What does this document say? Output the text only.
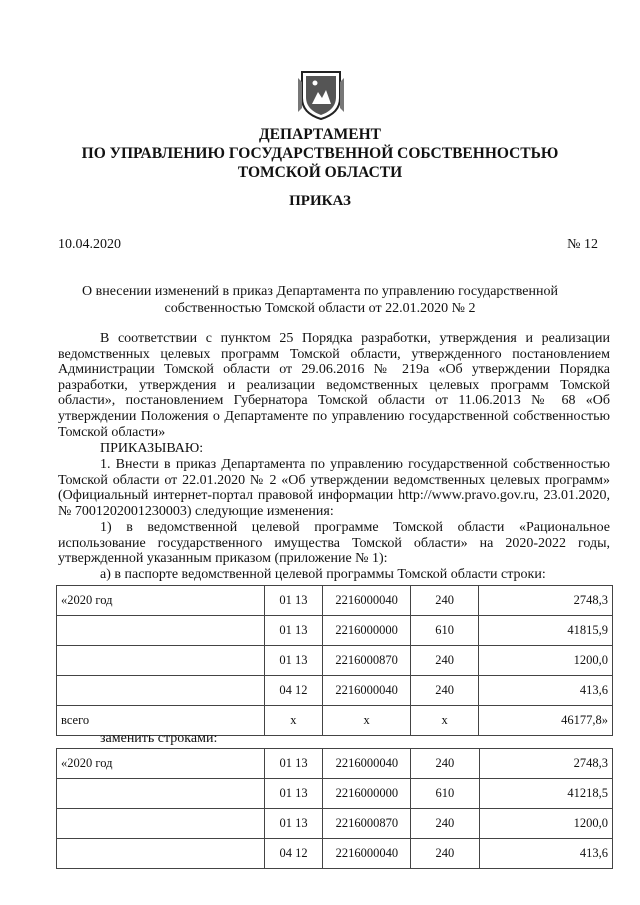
ДЕПАРТАМЕНТ
ПО УПРАВЛЕНИЮ ГОСУДАРСТВЕННОЙ СОБСТВЕННОСТЬЮ
ТОМСКОЙ ОБЛАСТИ
ПРИКАЗ
10.04.2020	№ 12
О внесении изменений в приказ Департамента по управлению государственной
собственностью Томской области от 22.01.2020 № 2
В соответствии с пунктом 25 Порядка разработки, утверждения и реализации ведомственных целевых программ Томской области, утвержденного постановлением Администрации Томской области от 29.06.2016 № 219а «Об утверждении Порядка разработки, утверждения и реализации ведомственных целевых программ Томской области», постановлением Губернатора Томской области от 11.06.2013 № 68 «Об утверждении Положения о Департаменте по управлению государственной собственностью Томской области»
ПРИКАЗЫВАЮ:
1. Внести в приказ Департамента по управлению государственной собственностью Томской области от 22.01.2020 № 2 «Об утверждении ведомственных целевых программ» (Официальный интернет-портал правовой информации http://www.pravo.gov.ru, 23.01.2020, № 7001202001230003) следующие изменения:
1) в ведомственной целевой программе Томской области «Рациональное использование государственного имущества Томской области» на 2020-2022 годы, утвержденной указанным приказом (приложение № 1):
а) в паспорте ведомственной целевой программы Томской области строки:
«2020 год	01 13	2216000040	240	2748,3
	01 13	2216000000	610	41815,9
	01 13	2216000870	240	1200,0
	04 12	2216000040	240	413,6
всего	х	х	х	46177,8»
заменить строками:
«2020 год	01 13	2216000040	240	2748,3
	01 13	2216000000	610	41218,5
	01 13	2216000870	240	1200,0
	04 12	2216000040	240	413,6
